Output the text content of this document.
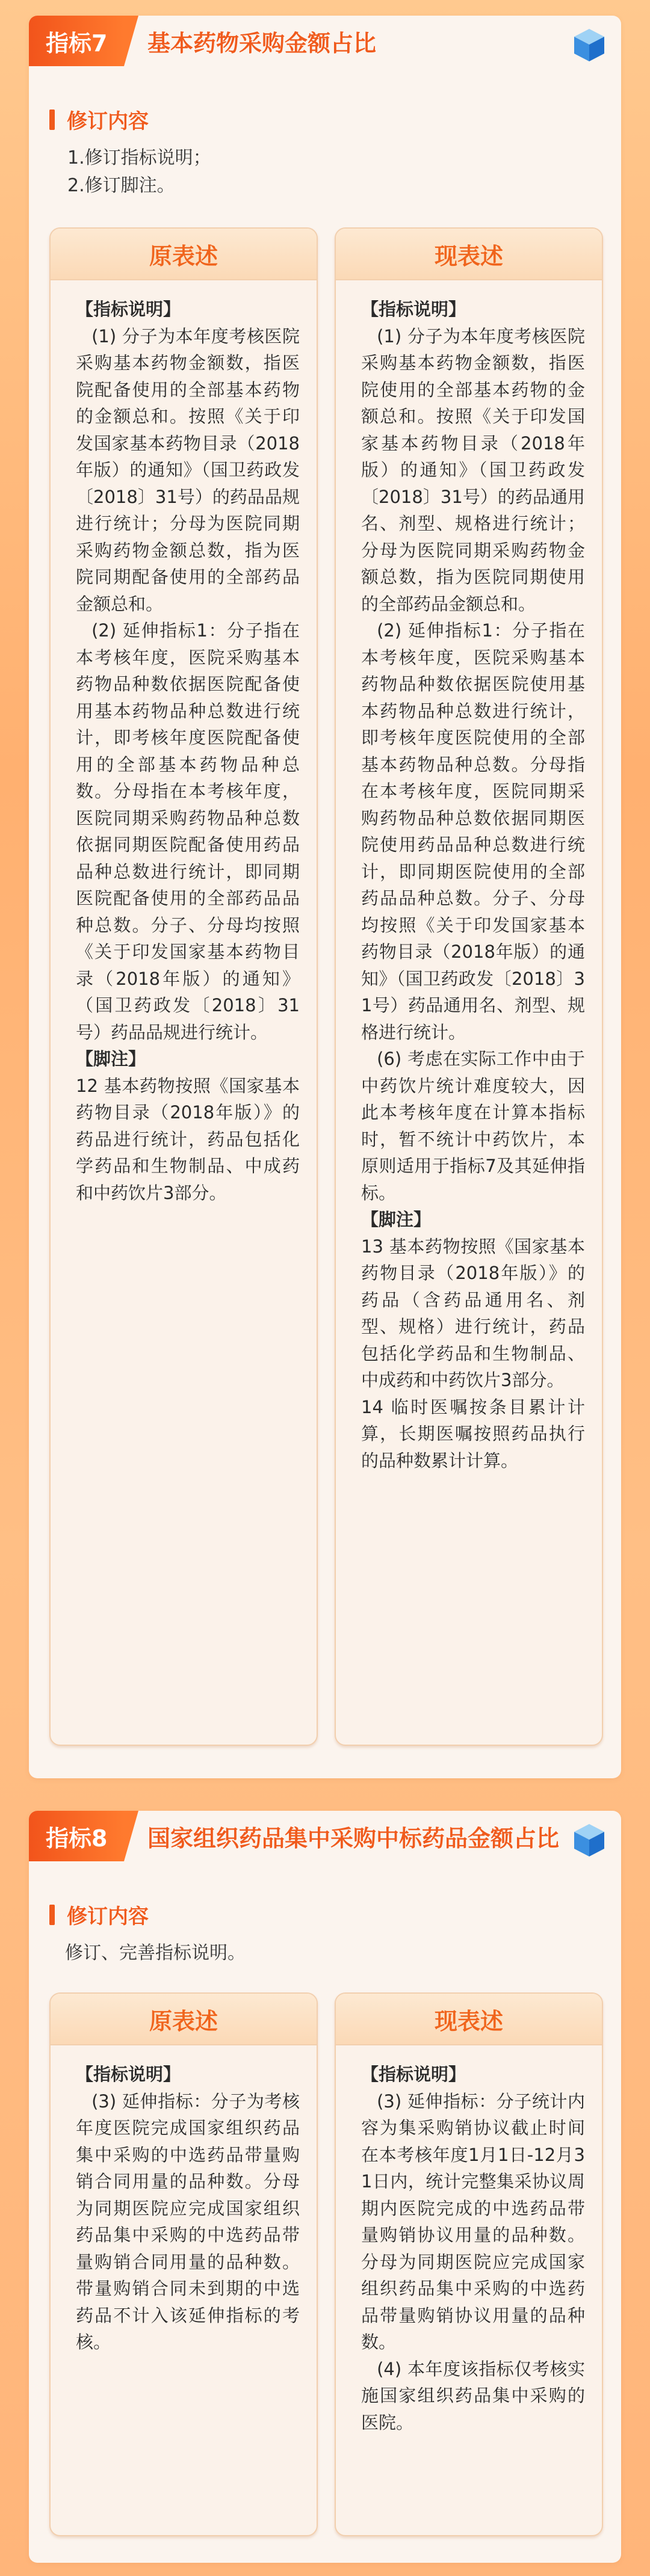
指标7	基本药物采购金额占比
修订内容
1.修订指标说明；
2.修订脚注。
原表述
【指标说明】
(1) 分子为本年度考核医院采购基本药物金额数，指医院配备使用的全部基本药物的金额总和。按照《关于印发国家基本药物目录（2018年版）的通知》（国卫药政发〔2018〕31号）的药品品规进行统计；分母为医院同期采购药物金额总数，指为医院同期配备使用的全部药品金额总和。
(2) 延伸指标1：分子指在本考核年度，医院采购基本药物品种数依据医院配备使用基本药物品种总数进行统计，即考核年度医院配备使用的全部基本药物品种总数。分母指在本考核年度，医院同期采购药物品种总数依据同期医院配备使用药品品种总数进行统计，即同期医院配备使用的全部药品品种总数。分子、分母均按照《关于印发国家基本药物目录（2018年版）的通知》（国卫药政发〔2018〕31号）药品品规进行统计。
【脚注】
12 基本药物按照《国家基本药物目录（2018年版）》的药品进行统计，药品包括化学药品和生物制品、中成药和中药饮片3部分。
现表述
【指标说明】
(1) 分子为本年度考核医院采购基本药物金额数，指医院使用的全部基本药物的金额总和。按照《关于印发国家基本药物目录（2018年版）的通知》（国卫药政发〔2018〕31号）的药品通用名、剂型、规格进行统计；分母为医院同期采购药物金额总数，指为医院同期使用的全部药品金额总和。
(2) 延伸指标1：分子指在本考核年度，医院采购基本药物品种数依据医院使用基本药物品种总数进行统计，即考核年度医院使用的全部基本药物品种总数。分母指在本考核年度，医院同期采购药物品种总数依据同期医院使用药品品种总数进行统计，即同期医院使用的全部药品品种总数。分子、分母均按照《关于印发国家基本药物目录（2018年版）的通知》（国卫药政发〔2018〕31号）药品通用名、剂型、规格进行统计。
(6) 考虑在实际工作中由于中药饮片统计难度较大，因此本考核年度在计算本指标时，暂不统计中药饮片，本原则适用于指标7及其延伸指标。
【脚注】
13 基本药物按照《国家基本药物目录（2018年版）》的药品（含药品通用名、剂型、规格）进行统计，药品包括化学药品和生物制品、中成药和中药饮片3部分。
14 临时医嘱按条目累计计算，长期医嘱按照药品执行的品种数累计计算。
指标8	国家组织药品集中采购中标药品金额占比
修订内容
修订、完善指标说明。
原表述
【指标说明】
(3) 延伸指标：分子为考核年度医院完成国家组织药品集中采购的中选药品带量购销合同用量的品种数。分母为同期医院应完成国家组织药品集中采购的中选药品带量购销合同用量的品种数。带量购销合同未到期的中选药品不计入该延伸指标的考核。
现表述
【指标说明】
(3) 延伸指标：分子统计内容为集采购销协议截止时间在本考核年度1月1日-12月31日内，统计完整集采协议周期内医院完成的中选药品带量购销协议用量的品种数。分母为同期医院应完成国家组织药品集中采购的中选药品带量购销协议用量的品种数。
(4) 本年度该指标仅考核实施国家组织药品集中采购的医院。
